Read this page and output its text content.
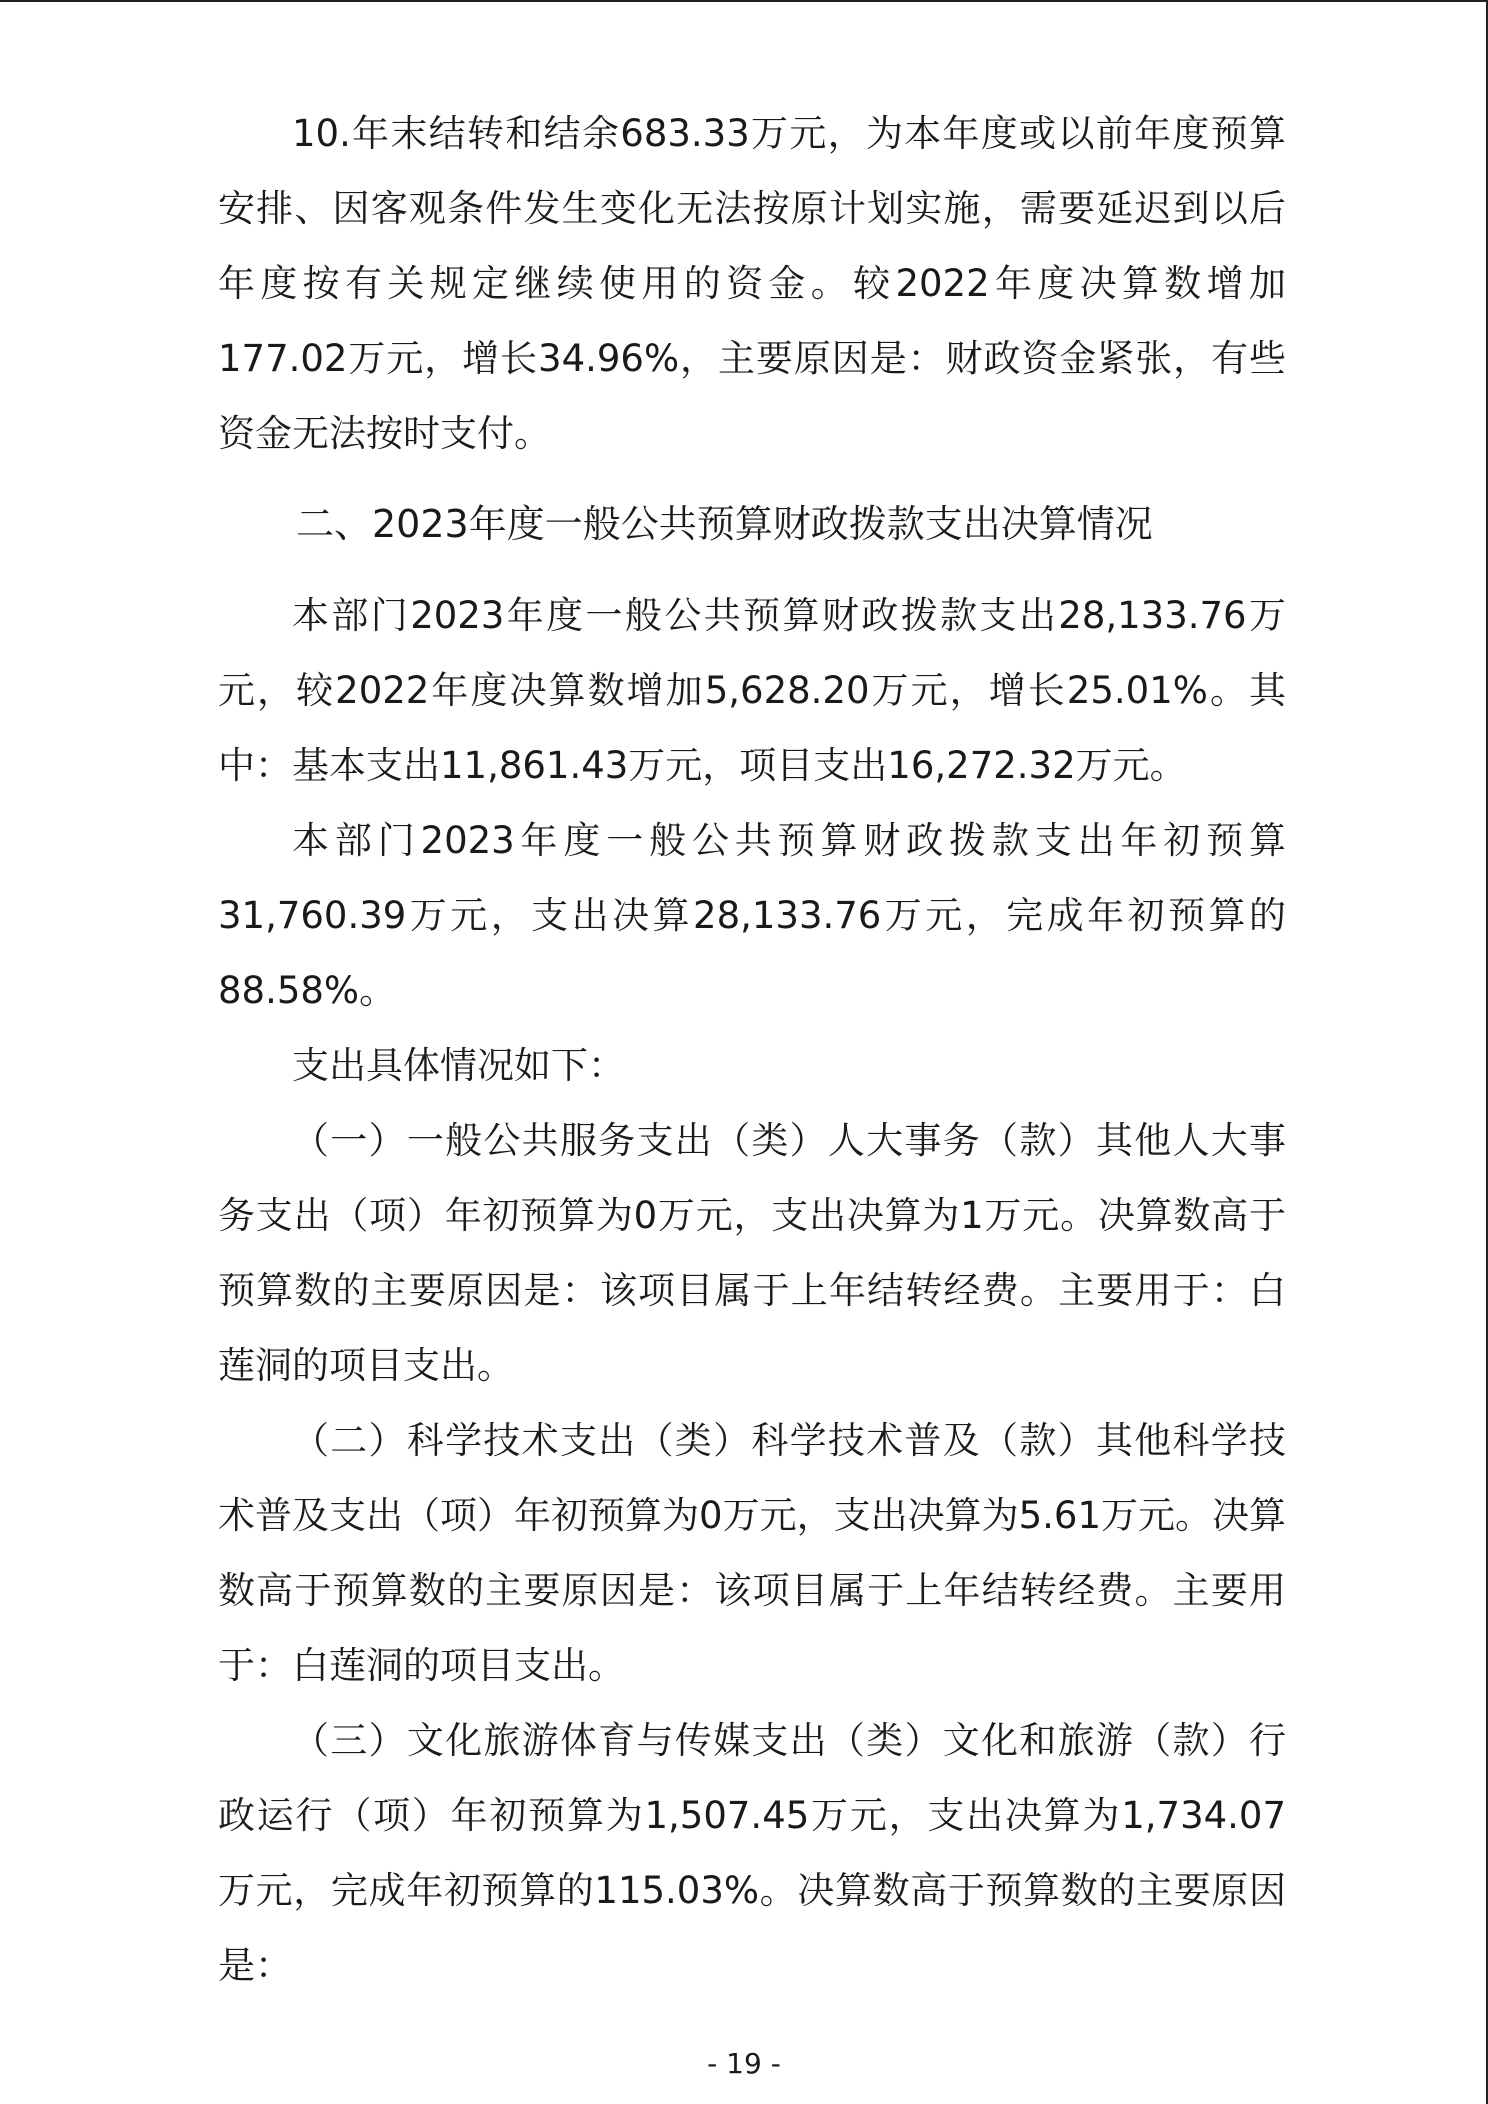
10.年末结转和结余683.33万元，为本年度或以前年度预算安排、因客观条件发生变化无法按原计划实施，需要延迟到以后年度按有关规定继续使用的资金。较2022年度决算数增加177.02万元，增长34.96%，主要原因是：财政资金紧张，有些资金无法按时支付。

二、2023年度一般公共预算财政拨款支出决算情况

本部门2023年度一般公共预算财政拨款支出28,133.76万元，较2022年度决算数增加5,628.20万元，增长25.01%。其中：基本支出11,861.43万元，项目支出16,272.32万元。

本部门2023年度一般公共预算财政拨款支出年初预算31,760.39万元，支出决算28,133.76万元，完成年初预算的88.58%。

支出具体情况如下：

（一）一般公共服务支出（类）人大事务（款）其他人大事务支出（项）年初预算为0万元，支出决算为1万元。决算数高于预算数的主要原因是：该项目属于上年结转经费。主要用于：白莲洞的项目支出。

（二）科学技术支出（类）科学技术普及（款）其他科学技术普及支出（项）年初预算为0万元，支出决算为5.61万元。决算数高于预算数的主要原因是：该项目属于上年结转经费。主要用于：白莲洞的项目支出。

（三）文化旅游体育与传媒支出（类）文化和旅游（款）行政运行（项）年初预算为1,507.45万元，支出决算为1,734.07万元，完成年初预算的115.03%。决算数高于预算数的主要原因是：

- 19 -
